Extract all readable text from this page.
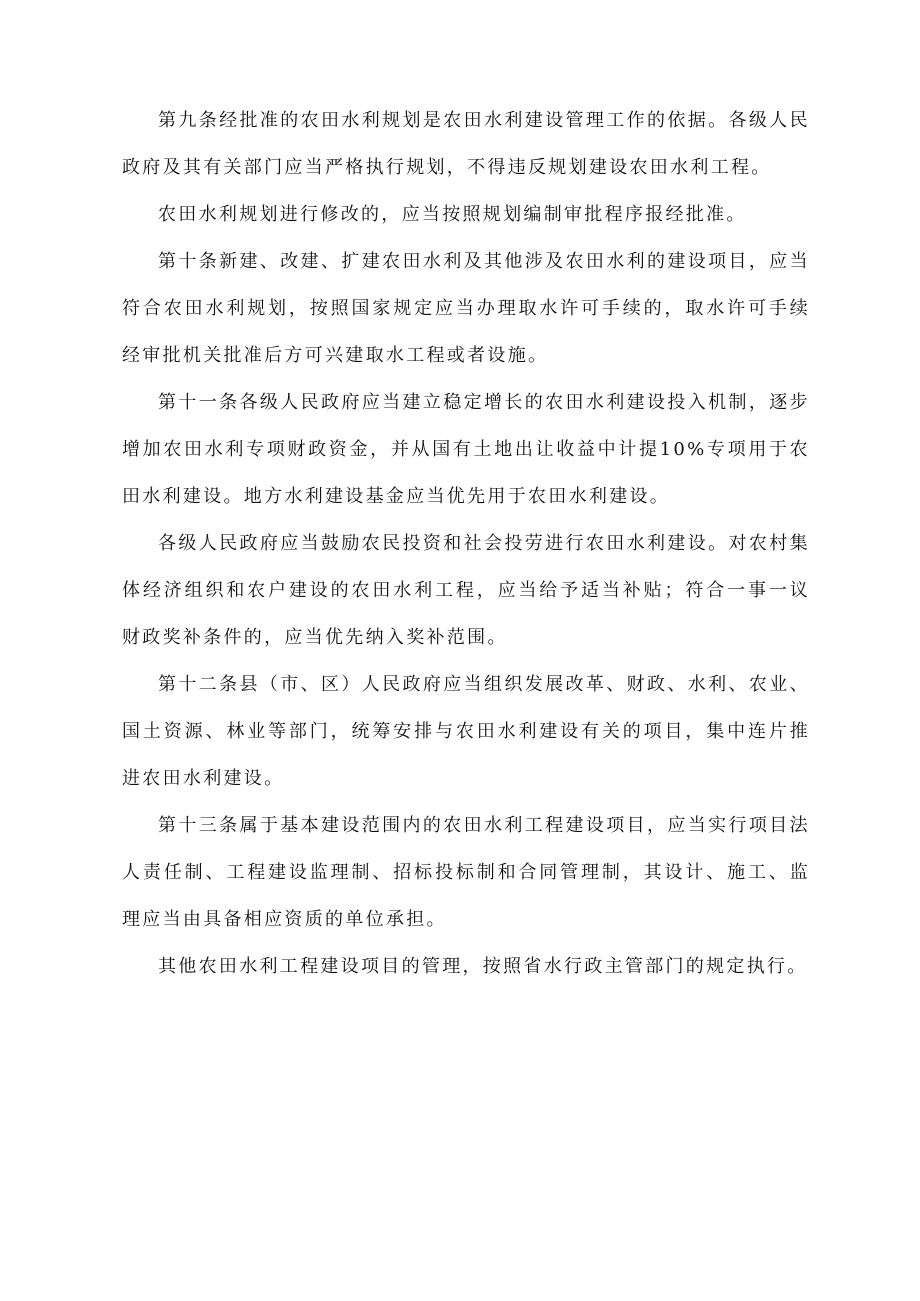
第九条经批准的农田水利规划是农田水利建设管理工作的依据。各级人民政府及其有关部门应当严格执行规划，不得违反规划建设农田水利工程。

农田水利规划进行修改的，应当按照规划编制审批程序报经批准。

第十条新建、改建、扩建农田水利及其他涉及农田水利的建设项目，应当符合农田水利规划，按照国家规定应当办理取水许可手续的，取水许可手续经审批机关批准后方可兴建取水工程或者设施。

第十一条各级人民政府应当建立稳定增长的农田水利建设投入机制，逐步增加农田水利专项财政资金，并从国有土地出让收益中计提10%专项用于农田水利建设。地方水利建设基金应当优先用于农田水利建设。

各级人民政府应当鼓励农民投资和社会投劳进行农田水利建设。对农村集体经济组织和农户建设的农田水利工程，应当给予适当补贴；符合一事一议财政奖补条件的，应当优先纳入奖补范围。

第十二条县（市、区）人民政府应当组织发展改革、财政、水利、农业、国土资源、林业等部门，统筹安排与农田水利建设有关的项目，集中连片推进农田水利建设。

第十三条属于基本建设范围内的农田水利工程建设项目，应当实行项目法人责任制、工程建设监理制、招标投标制和合同管理制，其设计、施工、监理应当由具备相应资质的单位承担。

其他农田水利工程建设项目的管理，按照省水行政主管部门的规定执行。
